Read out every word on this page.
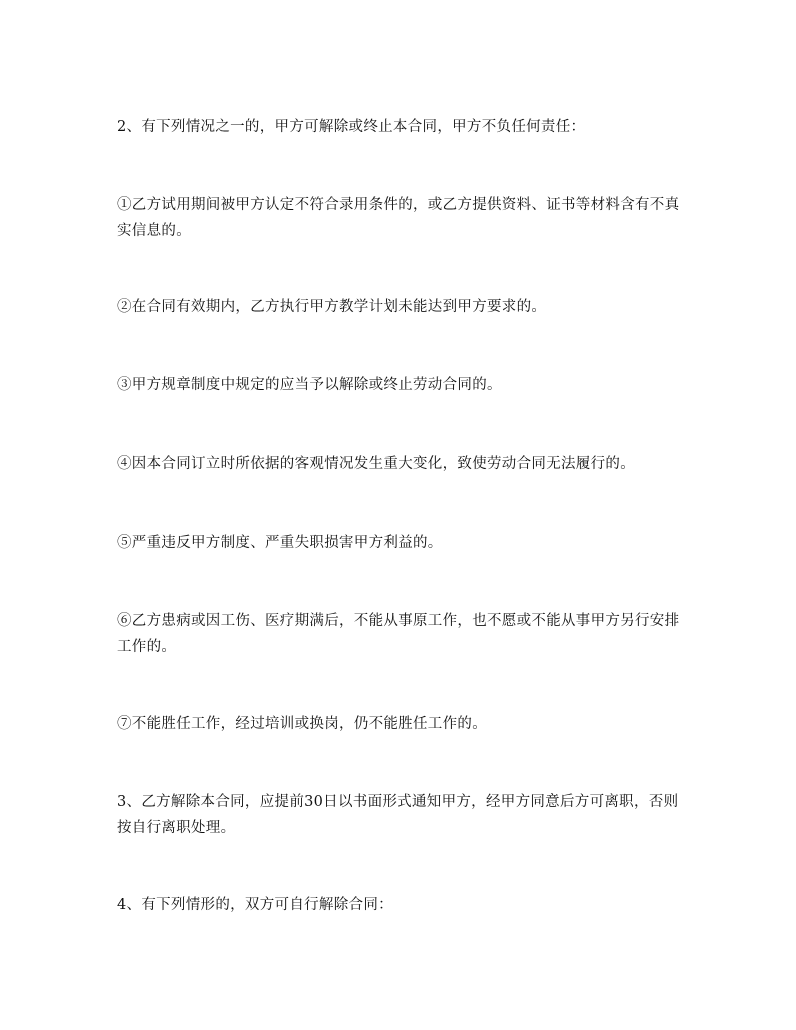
2、有下列情况之一的，甲方可解除或终止本合同，甲方不负任何责任：

①乙方试用期间被甲方认定不符合录用条件的，或乙方提供资料、证书等材料含有不真实信息的。

②在合同有效期内，乙方执行甲方教学计划未能达到甲方要求的。

③甲方规章制度中规定的应当予以解除或终止劳动合同的。

④因本合同订立时所依据的客观情况发生重大变化，致使劳动合同无法履行的。

⑤严重违反甲方制度、严重失职损害甲方利益的。

⑥乙方患病或因工伤、医疗期满后，不能从事原工作，也不愿或不能从事甲方另行安排工作的。

⑦不能胜任工作，经过培训或换岗，仍不能胜任工作的。

3、乙方解除本合同，应提前30日以书面形式通知甲方，经甲方同意后方可离职，否则按自行离职处理。

4、有下列情形的，双方可自行解除合同：
